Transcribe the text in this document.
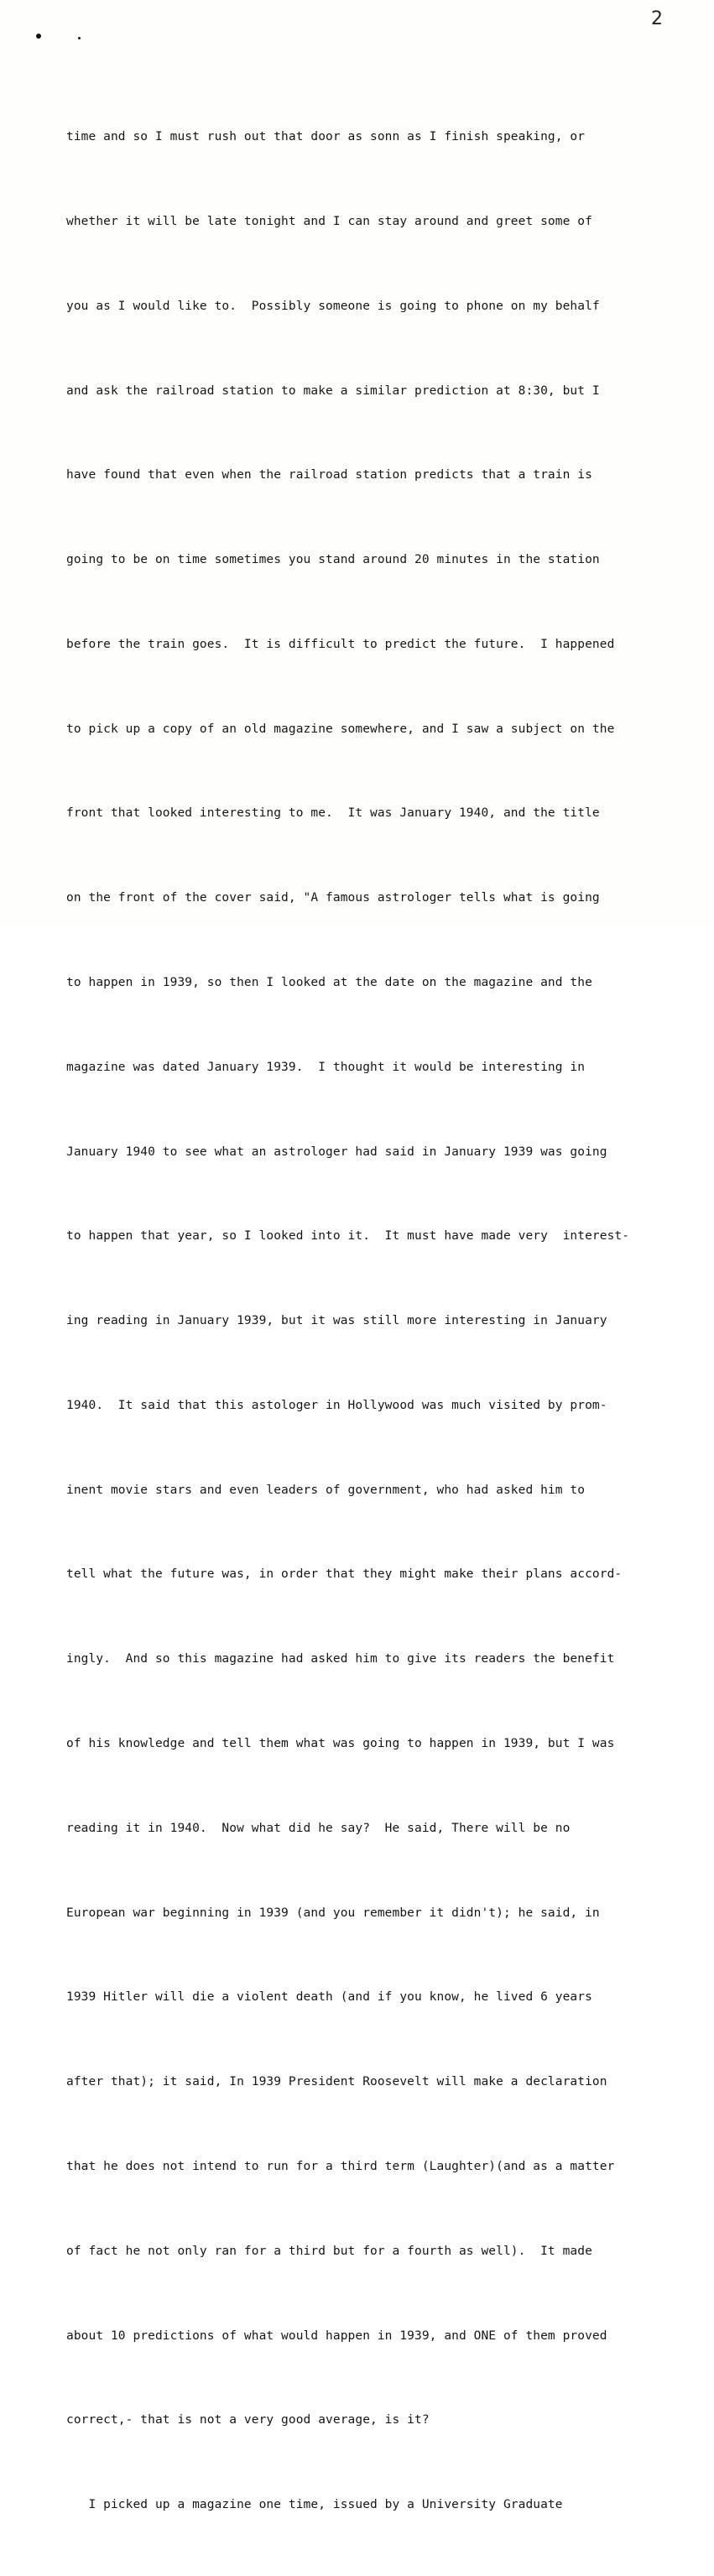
2

time and so I must rush out that door as sonn as I finish speaking, or

whether it will be late tonight and I can stay around and greet some of

you as I would like to.  Possibly someone is going to phone on my behalf

and ask the railroad station to make a similar prediction at 8:30, but I

have found that even when the railroad station predicts that a train is

going to be on time sometimes you stand around 20 minutes in the station

before the train goes.  It is difficult to predict the future.  I happened

to pick up a copy of an old magazine somewhere, and I saw a subject on the

front that looked interesting to me.  It was January 1940, and the title

on the front of the cover said, "A famous astrologer tells what is going

to happen in 1939, so then I looked at the date on the magazine and the

magazine was dated January 1939.  I thought it would be interesting in

January 1940 to see what an astrologer had said in January 1939 was going

to happen that year, so I looked into it.  It must have made very  interest-

ing reading in January 1939, but it was still more interesting in January

1940.  It said that this astologer in Hollywood was much visited by prom-

inent movie stars and even leaders of government, who had asked him to

tell what the future was, in order that they might make their plans accord-

ingly.  And so this magazine had asked him to give its readers the benefit

of his knowledge and tell them what was going to happen in 1939, but I was

reading it in 1940.  Now what did he say?  He said, There will be no

European war beginning in 1939 (and you remember it didn't); he said, in

1939 Hitler will die a violent death (and if you know, he lived 6 years

after that); it said, In 1939 President Roosevelt will make a declaration

that he does not intend to run for a third term (Laughter)(and as a matter

of fact he not only ran for a third but for a fourth as well).  It made

about 10 predictions of what would happen in 1939, and ONE of them proved

correct,- that is not a very good average, is it?

I picked up a magazine one time, issued by a University Graduate
